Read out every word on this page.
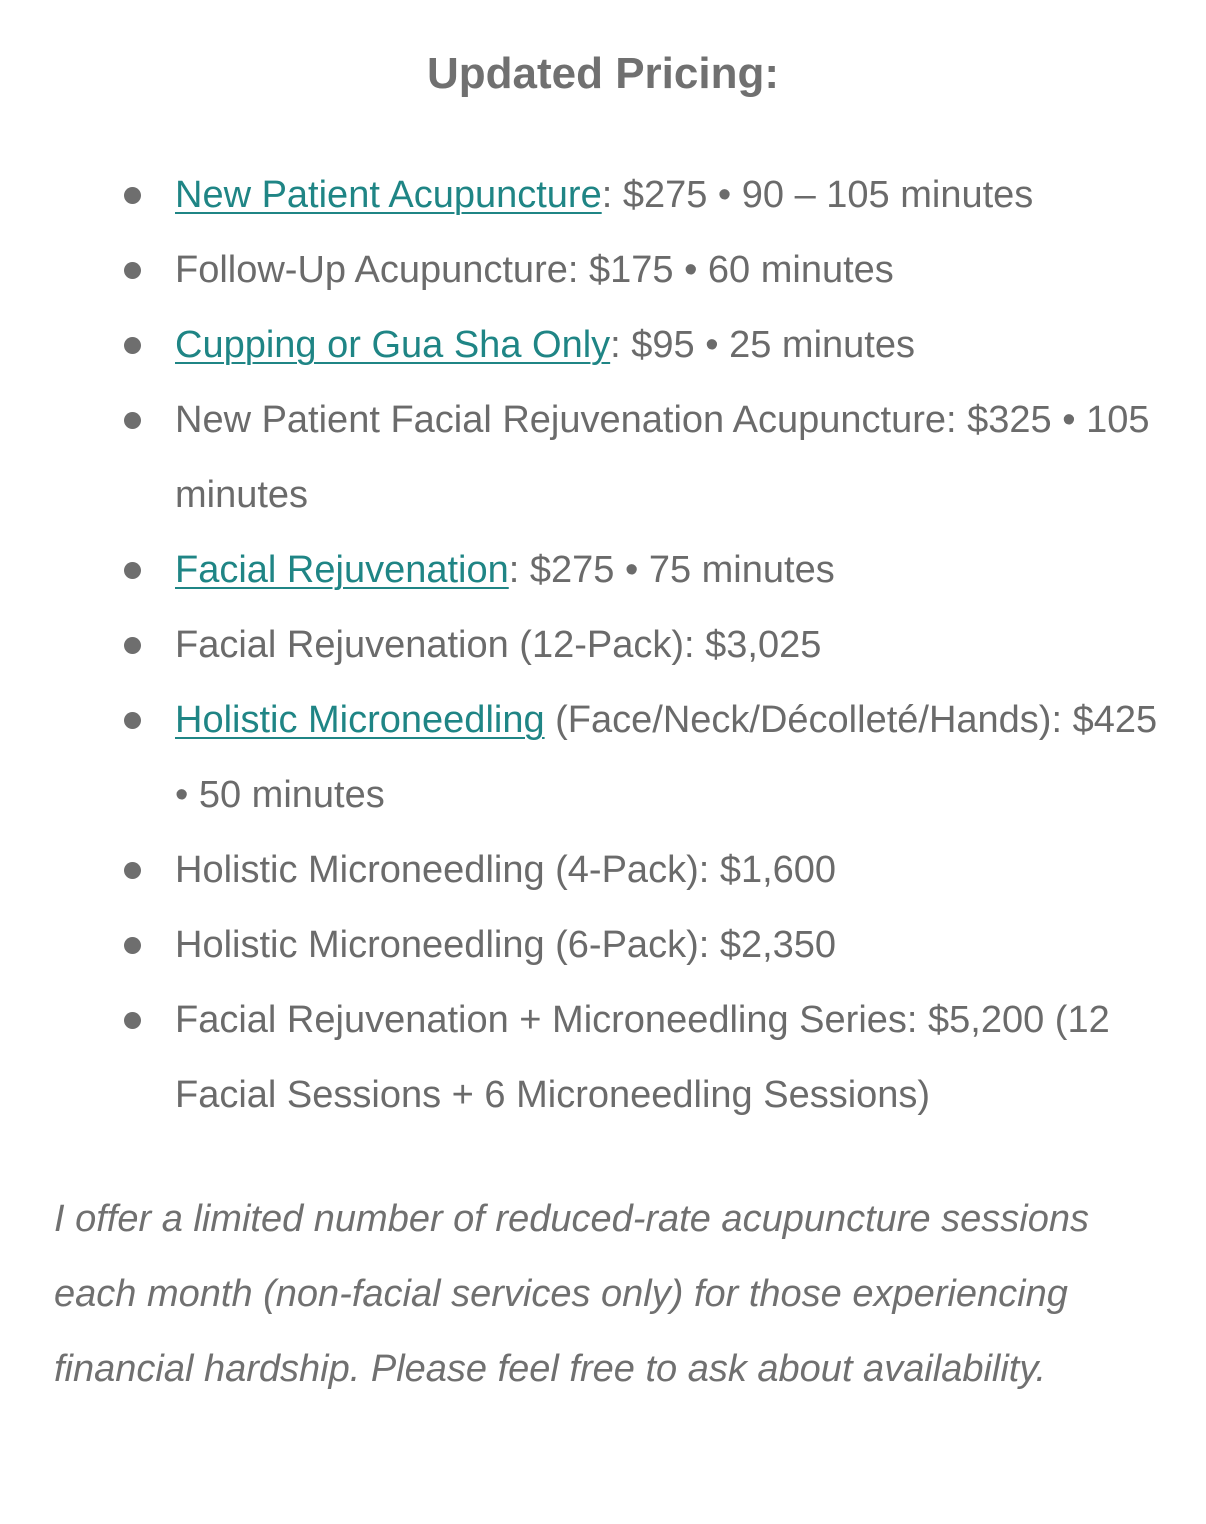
Updated Pricing:
New Patient Acupuncture: $275 • 90 – 105 minutes
Follow-Up Acupuncture: $175 • 60 minutes
Cupping or Gua Sha Only: $95 • 25 minutes
New Patient Facial Rejuvenation Acupuncture: $325 • 105 minutes
Facial Rejuvenation: $275 • 75 minutes
Facial Rejuvenation (12-Pack): $3,025
Holistic Microneedling (Face/Neck/Décolleté/Hands): $425 • 50 minutes
Holistic Microneedling (4-Pack): $1,600
Holistic Microneedling (6-Pack): $2,350
Facial Rejuvenation + Microneedling Series: $5,200 (12 Facial Sessions + 6 Microneedling Sessions)

I offer a limited number of reduced-rate acupuncture sessions each month (non-facial services only) for those experiencing financial hardship. Please feel free to ask about availability.
